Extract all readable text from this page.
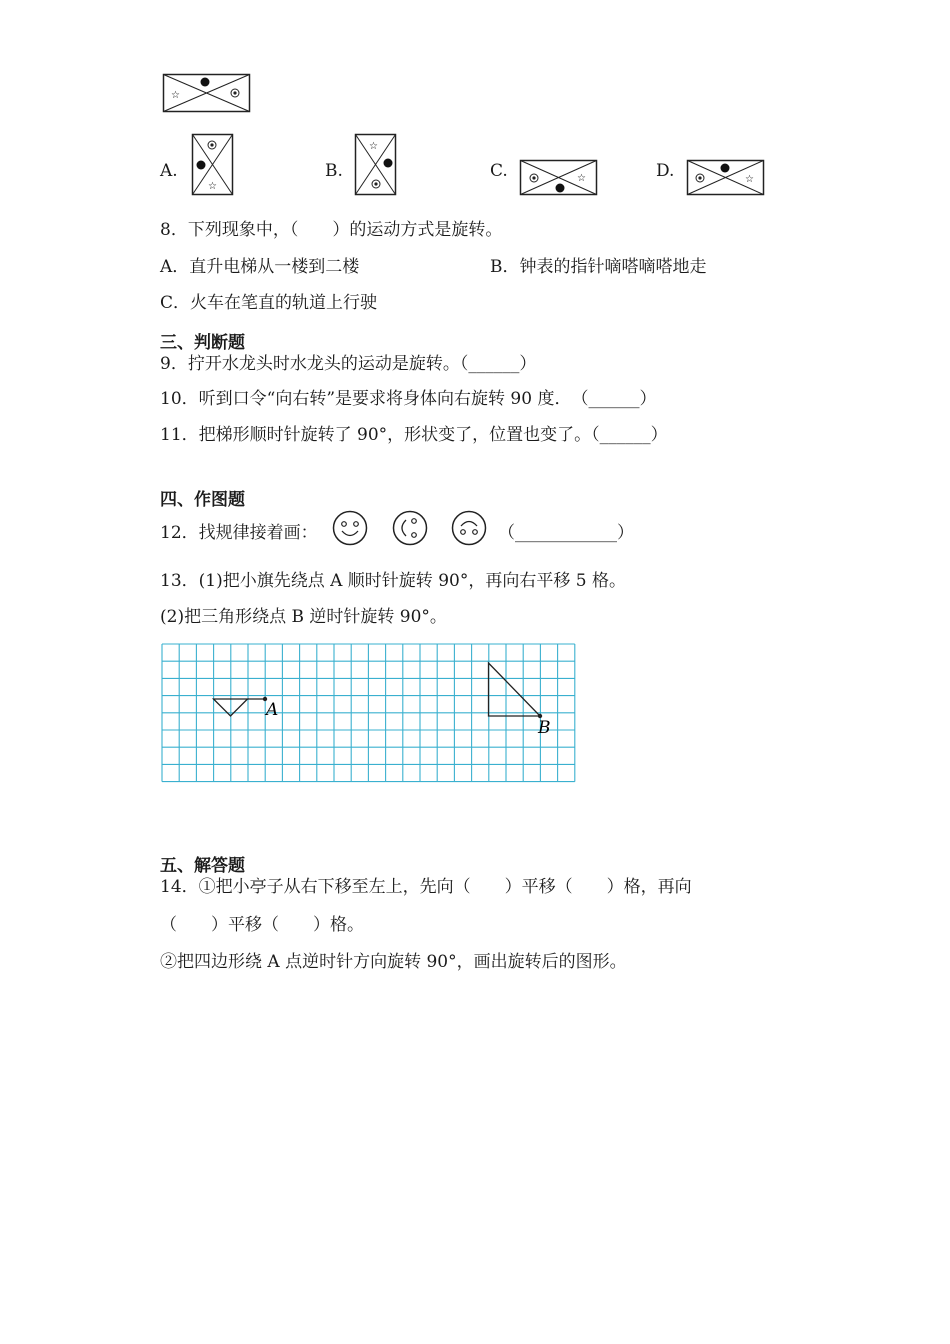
☆
A.
☆
B.
☆
C.	☆	D.	☆
8．下列现象中，（　　）的运动方式是旋转。
A．直升电梯从一楼到二楼	B．钟表的指针嘀嗒嘀嗒地走
C．火车在笔直的轨道上行驶
三、判断题
9．拧开水龙头时水龙头的运动是旋转。（______）
10．听到口令“向右转”是要求将身体向右旋转 90 度．　（______）
11．把梯形顺时针旋转了 90°，形状变了，位置也变了。（______）
四、作图题
12．找规律接着画：	（____________）
13．(1)把小旗先绕点 A 顺时针旋转 90°，再向右平移 5 格。
(2)把三角形绕点 B 逆时针旋转 90°。
A
B
五、解答题
14．①把小亭子从右下移至左上，先向（　　）平移（　　）格，再向
（　　）平移（　　）格。
②把四边形绕 A 点逆时针方向旋转 90°，画出旋转后的图形。
